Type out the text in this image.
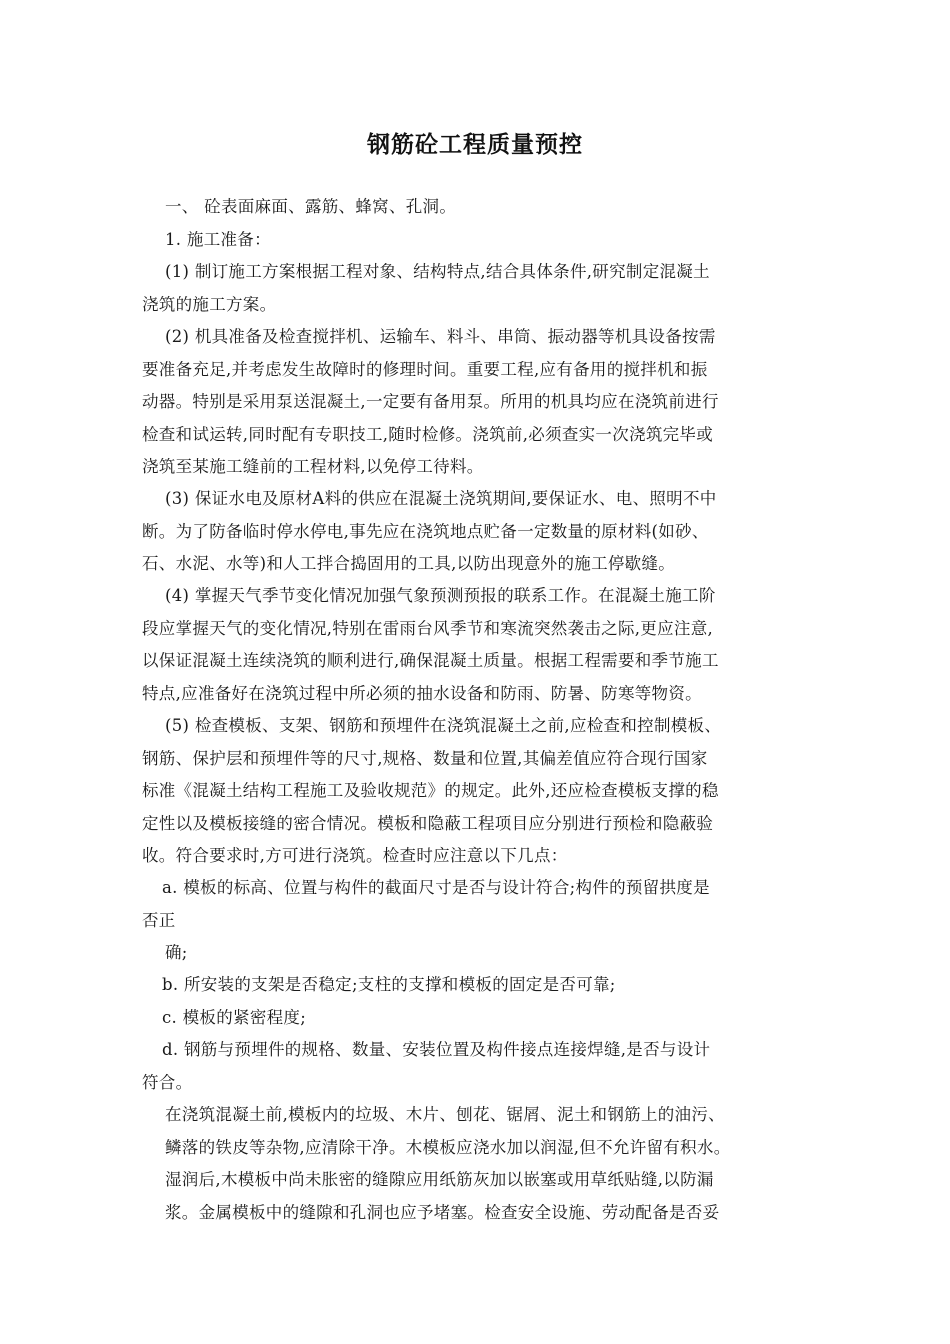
钢筋砼工程质量预控
一、 砼表面麻面、露筋、蜂窝、孔洞。
1. 施工准备：
(1) 制订施工方案根据工程对象、结构特点,结合具体条件,研究制定混凝土
浇筑的施工方案。
(2) 机具准备及检查搅拌机、运输车、料斗、串筒、振动器等机具设备按需
要准备充足,并考虑发生故障时的修理时间。重要工程,应有备用的搅拌机和振
动器。特别是采用泵送混凝土,一定要有备用泵。所用的机具均应在浇筑前进行
检查和试运转,同时配有专职技工,随时检修。浇筑前,必须查实一次浇筑完毕或
浇筑至某施工缝前的工程材料,以免停工待料。
(3) 保证水电及原材A料的供应在混凝土浇筑期间,要保证水、电、照明不中
断。为了防备临时停水停电,事先应在浇筑地点贮备一定数量的原材料(如砂、
石、水泥、水等)和人工拌合捣固用的工具,以防出现意外的施工停歇缝。
(4) 掌握天气季节变化情况加强气象预测预报的联系工作。在混凝土施工阶
段应掌握天气的变化情况,特别在雷雨台风季节和寒流突然袭击之际,更应注意,
以保证混凝土连续浇筑的顺利进行,确保混凝土质量。根据工程需要和季节施工
特点,应准备好在浇筑过程中所必须的抽水设备和防雨、防暑、防寒等物资。
(5) 检查模板、支架、钢筋和预埋件在浇筑混凝土之前,应检查和控制模板、
钢筋、保护层和预埋件等的尺寸,规格、数量和位置,其偏差值应符合现行国家
标准《混凝土结构工程施工及验收规范》的规定。此外,还应检查模板支撑的稳
定性以及模板接缝的密合情况。模板和隐蔽工程项目应分别进行预检和隐蔽验
收。符合要求时,方可进行浇筑。检查时应注意以下几点：
a. 模板的标高、位置与构件的截面尺寸是否与设计符合;构件的预留拱度是
否正
确;
b. 所安装的支架是否稳定;支柱的支撑和模板的固定是否可靠;
c. 模板的紧密程度;
d. 钢筋与预埋件的规格、数量、安装位置及构件接点连接焊缝,是否与设计
符合。
在浇筑混凝土前,模板内的垃圾、木片、刨花、锯屑、泥土和钢筋上的油污、
鳞落的铁皮等杂物,应清除干净。木模板应浇水加以润湿,但不允许留有积水。
湿润后,木模板中尚未胀密的缝隙应用纸筋灰加以嵌塞或用草纸贴缝,以防漏
浆。金属模板中的缝隙和孔洞也应予堵塞。检查安全设施、劳动配备是否妥
